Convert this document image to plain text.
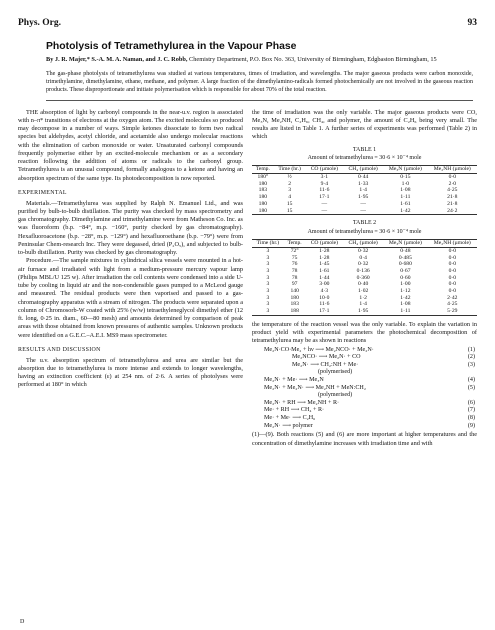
Phys. Org.	93
Photolysis of Tetramethylurea in the Vapour Phase
By J. R. Majer,* S.-A. M. A. Naman, and J. C. Robb, Chemistry Department, P.O. Box No. 363, University of Birmingham, Edgbaston Birmingham, 15
The gas-phase photolysis of tetramethylurea was studied at various temperatures, times of irradiation, and wavelengths. The major gaseous products were carbon monoxide, trimethylamine, dimethylamine, ethane, methane, and polymer. A large fraction of the dimethylamino-radicals formed photochemically are not involved in the gaseous reaction products. These disproportionate and initiate polymerisation which is responsible for about 70% of the total reaction.

THE absorption of light by carbonyl compounds in the near-u.v. region is associated with n–π* transitions of electrons at the oxygen atom. The excited molecules so produced may decompose in a number of ways. Simple ketones dissociate to form two radical species but aldehydes, acetyl chloride, and acetamide also undergo molecular reactions with the elimination of carbon monoxide or water. Unsaturated carbonyl compounds frequently polymerise either by an excited-molecule mechanism or as a secondary reaction following the addition of atoms or radicals to the carbonyl group. Tetramethylurea is an unusual compound, formally analogous to a ketone and having an absorption spectrum of the same type. Its photodecomposition is now reported.

EXPERIMENTAL

Materials.—Tetramethylurea was supplied by Ralph N. Emanuel Ltd., and was purified by bulb-to-bulb distillation. The purity was checked by mass spectrometry and gas chromatography. Dimethylamine and trimethylamine were from Matheson Co. Inc. as was fluoroform (b.p. −84°, m.p. −160°, purity checked by gas chromatography). Hexafluoroacetone (b.p. −28°, m.p. −129°) and hexafluoroethane (b.p. −79°) were from Peninsular Chem-research Inc. They were degassed, dried (P₂O₅), and subjected to bulb-to-bulb distillation. Purity was checked by gas chromatography.

Procedure.—The sample mixtures in cylindrical silica vessels were mounted in a hot-air furnace and irradiated with light from a medium-pressure mercury vapour lamp (Philips MBL/U 125 w). After irradiation the cell contents were condensed into a side U-tube by cooling in liquid air and the non-condensible gases pumped to a McLeod gauge and measured. The residual products were then vaporised and passed to a gas-chromatography apparatus with a stream of nitrogen. The products were separated upon a column of Chromosorb-W coated with 25% (w/w) tetraethyleneglycol dimethyl ether (12 ft. long, 0·25 in. diam., 60—80 mesh) and amounts determined by comparison of peak areas with those obtained from known pressures of authentic samples. Unknown products were identified on a G.E.C.–A.E.I. MS9 mass spectrometer.

RESULTS AND DISCUSSION

The u.v. absorption spectrum of tetramethylurea and urea are similar but the absorption due to tetramethylurea is more intense and extends to longer wavelengths, having an extinction coefficient (ε) at 254 nm. of 2·6. A series of photolyses were performed at 180° in which

the time of irradiation was the only variable. The major gaseous products were CO, Me₃N, Me₂NH, C₂H₆, CH₄, and polymer, the amount of C₂H₆ being very small. The results are listed in Table 1. A further series of experiments was performed (Table 2) in which

TABLE 1
Amount of tetramethylurea = 30·6 × 10⁻⁴ mole
Temp.	Time (hr.)	CO (µmole)	CH₄ (µmole)	Me₃N (µmole)	Me₂NH (µmole)
180°	½	3·1	0·44	0·15	0·0
180	2	9·4	1·33	1·0	2·0
183	3	11·6	1·4	1·08	4·25
180	4	17·1	1·95	1·11	21·8
180	15	—	—	1·61	21·8
180	15	—	—	1·42	24·2
TABLE 2
Amount of tetramethylurea = 30·6 × 10⁻⁴ mole
Time (hr.)	Temp.	CO (µmole)	CH₄ (µmole)	Me₃N (µmole)	Me₂NH (µmole)
3	72°	1·28	0·32	0·48	0·0
3	75	1·28	0·4	0·485	0·0
3	76	1·45	0·32	0·680	0·0
3	78	1·61	0·136	0·67	0·0
3	78	1·44	0·360	0·60	0·0
3	97	3·00	0·40	1·00	0·0
3	140	4·3	1·02	1·12	0·0
3	180	10·0	1·2	1·42	2·42
3	183	11·6	1·4	1·08	4·25
3	188	17·1	1·95	1·11	5·29

the temperature of the reaction vessel was the only variable. To explain the variation in product yield with experimental parameters the photochemical decomposition of tetramethylurea may be as shown in reactions

Me₂N·CO·Me₂ + hν ⟶ Me₂NCO· + Me₂N·	(1)
Me₂NCO· ⟶ Me₂N· + CO	(2)
Me₂N· ⟶ CH₂:NH + Me·	(3)
(polymerised)
Me₂N· + Me· ⟶ Me₃N	(4)
Me₂N· + Me₂N· ⟶ Me₂NH + MeN:CH₂	(5)
(polymerised)
Me₂N· + RH ⟶ Me₂NH + R·	(6)
Me· + RH ⟶ CH₄ + R·	(7)
Me· + Me· ⟶ C₂H₆	(8)
Me₂N· ⟶ polymer	(9)

(1)—(9). Both reactions (5) and (6) are more important at higher temperatures and the concentration of dimethylamine increases with irradiation time and with

D
